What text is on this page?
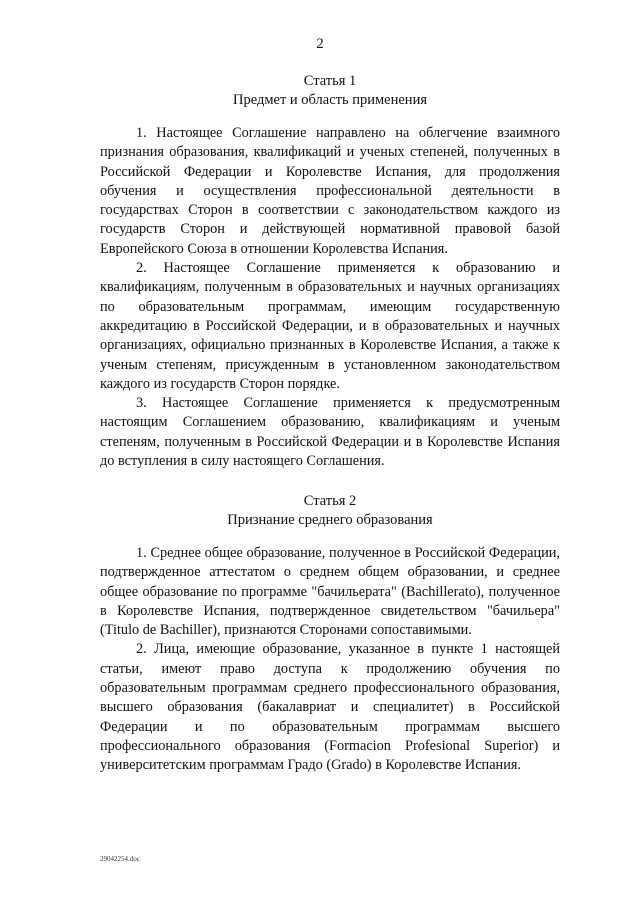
2
Статья 1
Предмет и область применения

1. Настоящее Соглашение направлено на облегчение взаимного признания образования, квалификаций и ученых степеней, полученных в Российской Федерации и Королевстве Испания, для продолжения обучения и осуществления профессиональной деятельности в государствах Сторон в соответствии с законодательством каждого из государств Сторон и действующей нормативной правовой базой Европейского Союза в отношении Королевства Испания.

2. Настоящее Соглашение применяется к образованию и квалификациям, полученным в образовательных и научных организациях по образовательным программам, имеющим государственную аккредитацию в Российской Федерации, и в образовательных и научных организациях, официально признанных в Королевстве Испания, а также к ученым степеням, присужденным в установленном законодательством каждого из государств Сторон порядке.

3. Настоящее Соглашение применяется к предусмотренным настоящим Соглашением образованию, квалификациям и ученым степеням, полученным в Российской Федерации и в Королевстве Испания до вступления в силу настоящего Соглашения.

Статья 2
Признание среднего образования

1. Среднее общее образование, полученное в Российской Федерации, подтвержденное аттестатом о среднем общем образовании, и среднее общее образование по программе "бачильерата" (Bachillerato), полученное в Королевстве Испания, подтвержденное свидетельством "бачильера" (Titulo de Bachiller), признаются Сторонами сопоставимыми.

2. Лица, имеющие образование, указанное в пункте 1 настоящей статьи, имеют право доступа к продолжению обучения по образовательным программам среднего профессионального образования, высшего образования (бакалавриат и специалитет) в Российской Федерации и по образовательным программам высшего профессионального образования (Formacion Profesional Superior) и университетским программам Градо (Grado) в Королевстве Испания.

29042254.doc
